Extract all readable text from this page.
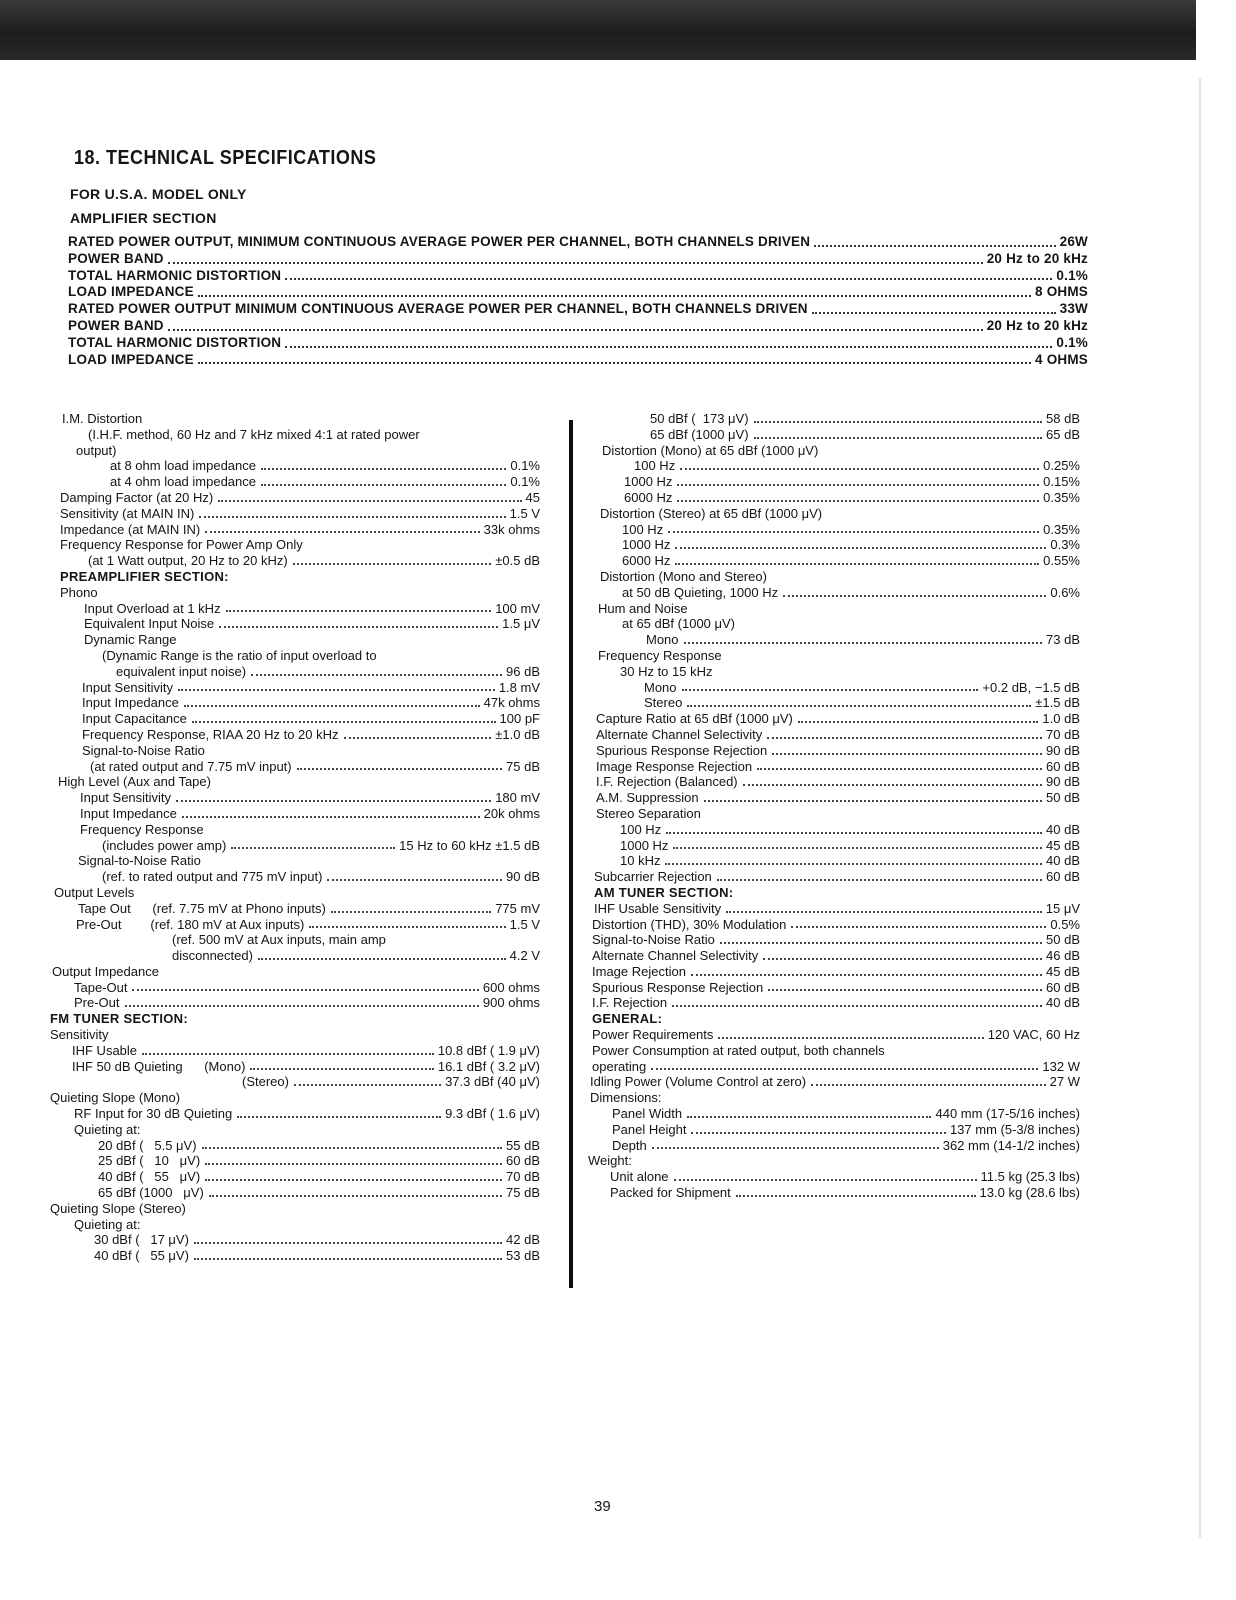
18. TECHNICAL SPECIFICATIONS

FOR U.S.A. MODEL ONLY

AMPLIFIER SECTION

RATED POWER OUTPUT, MINIMUM CONTINUOUS AVERAGE POWER PER CHANNEL, BOTH CHANNELS DRIVEN	26W
POWER BAND	20 Hz to 20 kHz
TOTAL HARMONIC DISTORTION	0.1%
LOAD IMPEDANCE	8 OHMS
RATED POWER OUTPUT MINIMUM CONTINUOUS AVERAGE POWER PER CHANNEL, BOTH CHANNELS DRIVEN	33W
POWER BAND	20 Hz to 20 kHz
TOTAL HARMONIC DISTORTION	0.1%
LOAD IMPEDANCE	4 OHMS
I.M. Distortion
(I.H.F. method, 60 Hz and 7 kHz mixed 4:1 at rated power
output)
at 8 ohm load impedance	0.1%
at 4 ohm load impedance	0.1%
Damping Factor (at 20 Hz)	45
Sensitivity (at MAIN IN)	1.5 V
Impedance (at MAIN IN)	33k ohms
Frequency Response for Power Amp Only
(at 1 Watt output, 20 Hz to 20 kHz)	±0.5 dB
PREAMPLIFIER SECTION:
Phono
Input Overload at 1 kHz	100 mV
Equivalent Input Noise	1.5 μV
Dynamic Range
(Dynamic Range is the ratio of input overload to
equivalent input noise)	96 dB
Input Sensitivity	1.8 mV
Input Impedance	47k ohms
Input Capacitance	100 pF
Frequency Response, RIAA 20 Hz to 20 kHz	±1.0 dB
Signal-to-Noise Ratio
(at rated output and 7.75 mV input)	75 dB
High Level (Aux and Tape)
Input Sensitivity	180 mV
Input Impedance	20k ohms
Frequency Response
(includes power amp)	15 Hz to 60 kHz ±1.5 dB
Signal-to-Noise Ratio
(ref. to rated output and 775 mV input)	90 dB
Output Levels
Tape Out      (ref. 7.75 mV at Phono inputs)	775 mV
Pre-Out        (ref. 180 mV at Aux inputs)	1.5 V
(ref. 500 mV at Aux inputs, main amp
disconnected)	4.2 V
Output Impedance
Tape-Out	600 ohms
Pre-Out	900 ohms
FM TUNER SECTION:
Sensitivity
IHF Usable	10.8 dBf ( 1.9 μV)
IHF 50 dB Quieting      (Mono)	16.1 dBf ( 3.2 μV)
(Stereo)	37.3 dBf (40 μV)
Quieting Slope (Mono)
RF Input for 30 dB Quieting	9.3 dBf ( 1.6 μV)
Quieting at:
20 dBf (   5.5 μV)	55 dB
25 dBf (   10   μV)	60 dB
40 dBf (   55   μV)	70 dB
65 dBf (1000   μV)	75 dB
Quieting Slope (Stereo)
Quieting at:
30 dBf (   17 μV)	42 dB
40 dBf (   55 μV)	53 dB
50 dBf (  173 μV)	58 dB
65 dBf (1000 μV)	65 dB
Distortion (Mono) at 65 dBf (1000 μV)
100 Hz	0.25%
1000 Hz	0.15%
6000 Hz	0.35%
Distortion (Stereo) at 65 dBf (1000 μV)
100 Hz	0.35%
1000 Hz	0.3%
6000 Hz	0.55%
Distortion (Mono and Stereo)
at 50 dB Quieting, 1000 Hz	0.6%
Hum and Noise
at 65 dBf (1000 μV)
Mono	73 dB
Frequency Response
30 Hz to 15 kHz
Mono	+0.2 dB, −1.5 dB
Stereo	±1.5 dB
Capture Ratio at 65 dBf (1000 μV)	1.0 dB
Alternate Channel Selectivity	70 dB
Spurious Response Rejection	90 dB
Image Response Rejection	60 dB
I.F. Rejection (Balanced)	90 dB
A.M. Suppression	50 dB
Stereo Separation
100 Hz	40 dB
1000 Hz	45 dB
10 kHz	40 dB
Subcarrier Rejection	60 dB
AM TUNER SECTION:
IHF Usable Sensitivity	15 μV
Distortion (THD), 30% Modulation	0.5%
Signal-to-Noise Ratio	50 dB
Alternate Channel Selectivity	46 dB
Image Rejection	45 dB
Spurious Response Rejection	60 dB
I.F. Rejection	40 dB
GENERAL:
Power Requirements	120 VAC, 60 Hz
Power Consumption at rated output, both channels
operating	132 W
Idling Power (Volume Control at zero)	27 W
Dimensions:
Panel Width	440 mm (17-5/16 inches)
Panel Height	137 mm (5-3/8 inches)
Depth	362 mm (14-1/2 inches)
Weight:
Unit alone	11.5 kg (25.3 lbs)
Packed for Shipment	13.0 kg (28.6 lbs)

39
